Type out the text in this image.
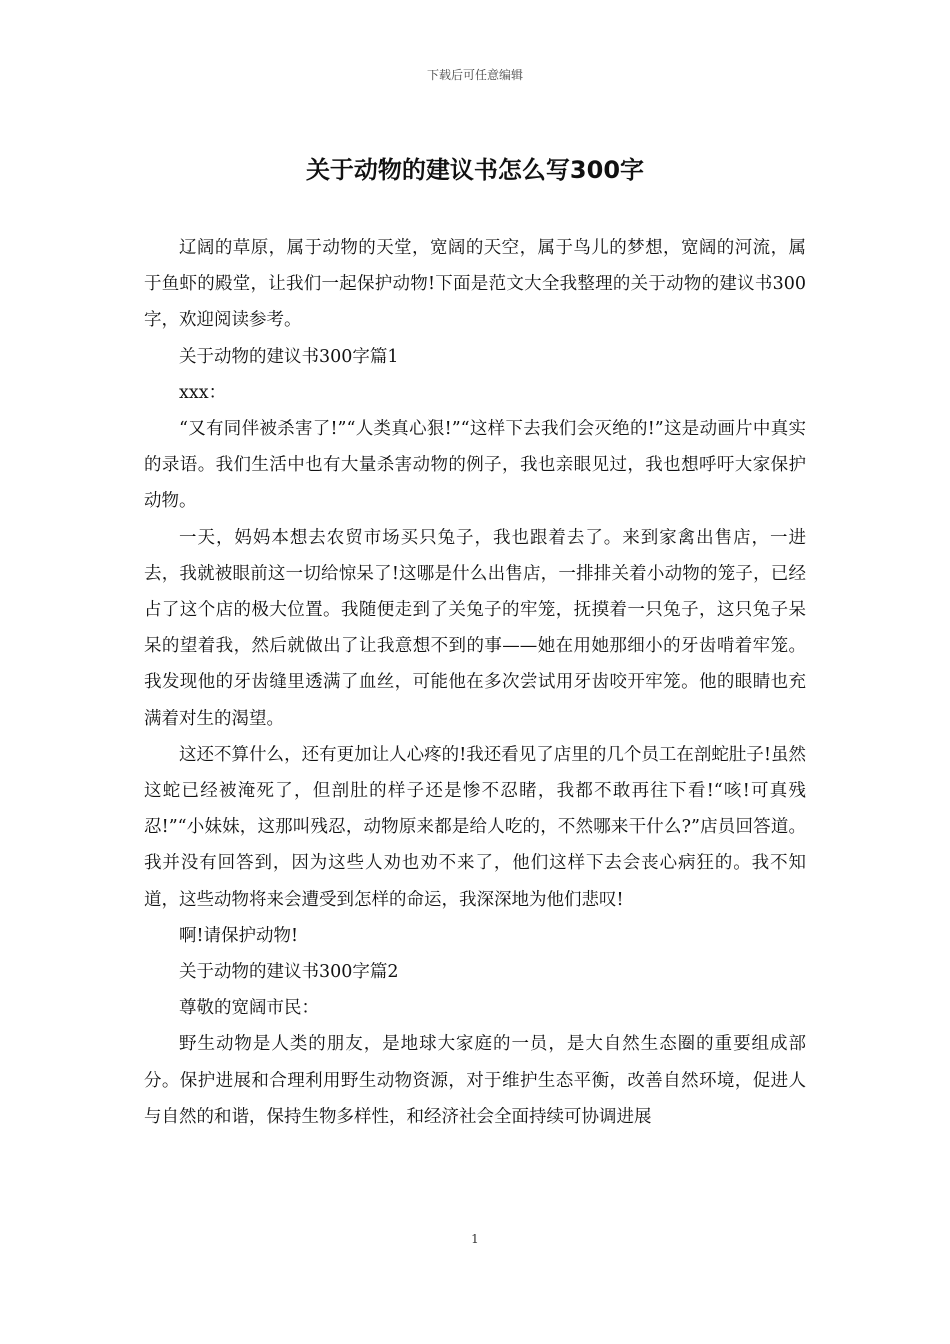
下载后可任意编辑
关于动物的建议书怎么写300字

辽阔的草原，属于动物的天堂，宽阔的天空，属于鸟儿的梦想，宽阔的河流，属于鱼虾的殿堂，让我们一起保护动物!下面是范文大全我整理的关于动物的建议书300字，欢迎阅读参考。

关于动物的建议书300字篇1

xxx：

“又有同伴被杀害了!”“人类真心狠!”“这样下去我们会灭绝的!”这是动画片中真实的录语。我们生活中也有大量杀害动物的例子，我也亲眼见过，我也想呼吁大家保护动物。

一天，妈妈本想去农贸市场买只兔子，我也跟着去了。来到家禽出售店，一进去，我就被眼前这一切给惊呆了!这哪是什么出售店，一排排关着小动物的笼子，已经占了这个店的极大位置。我随便走到了关兔子的牢笼，抚摸着一只兔子，这只兔子呆呆的望着我，然后就做出了让我意想不到的事——她在用她那细小的牙齿啃着牢笼。我发现他的牙齿缝里透满了血丝，可能他在多次尝试用牙齿咬开牢笼。他的眼睛也充满着对生的渴望。

这还不算什么，还有更加让人心疼的!我还看见了店里的几个员工在剖蛇肚子!虽然这蛇已经被淹死了，但剖肚的样子还是惨不忍睹，我都不敢再往下看!“咳!可真残忍!”“小妹妹，这那叫残忍，动物原来都是给人吃的，不然哪来干什么?”店员回答道。我并没有回答到，因为这些人劝也劝不来了，他们这样下去会丧心病狂的。我不知道，这些动物将来会遭受到怎样的命运，我深深地为他们悲叹!

啊!请保护动物!

关于动物的建议书300字篇2

尊敬的宽阔市民：

野生动物是人类的朋友，是地球大家庭的一员，是大自然生态圈的重要组成部分。保护进展和合理利用野生动物资源，对于维护生态平衡，改善自然环境，促进人与自然的和谐，保持生物多样性，和经济社会全面持续可协调进展

1
